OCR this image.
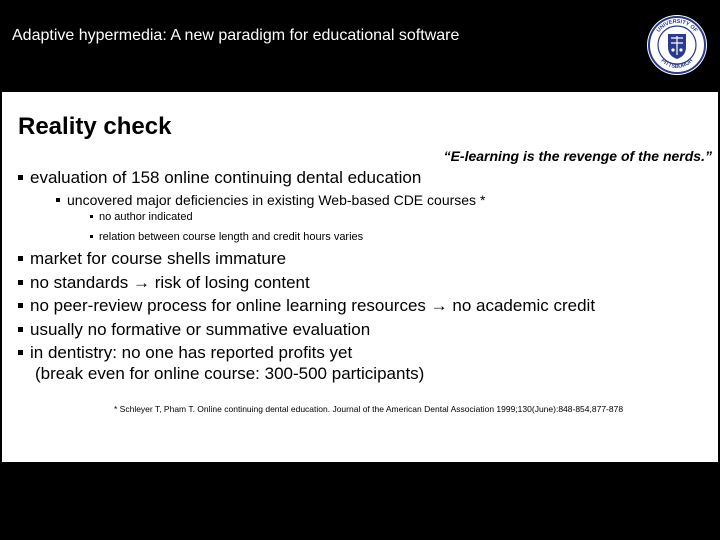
Adaptive hypermedia: A new paradigm for educational software	UNIVERSITY OF
PITTSBURGH
Reality check
“E-learning is the revenge of the nerds.”
evaluation of 158 online continuing dental education
uncovered major deficiencies in existing Web-based CDE courses *
no author indicated
relation between course length and credit hours varies
market for course shells immature
no standards → risk of losing content
no peer-review process for online learning resources → no academic credit
usually no formative or summative evaluation
in dentistry: no one has reported profits yet
(break even for online course: 300-500 participants)
* Schleyer T, Pham T. Online continuing dental education. Journal of the American Dental Association 1999;130(June):848-854,877-878
